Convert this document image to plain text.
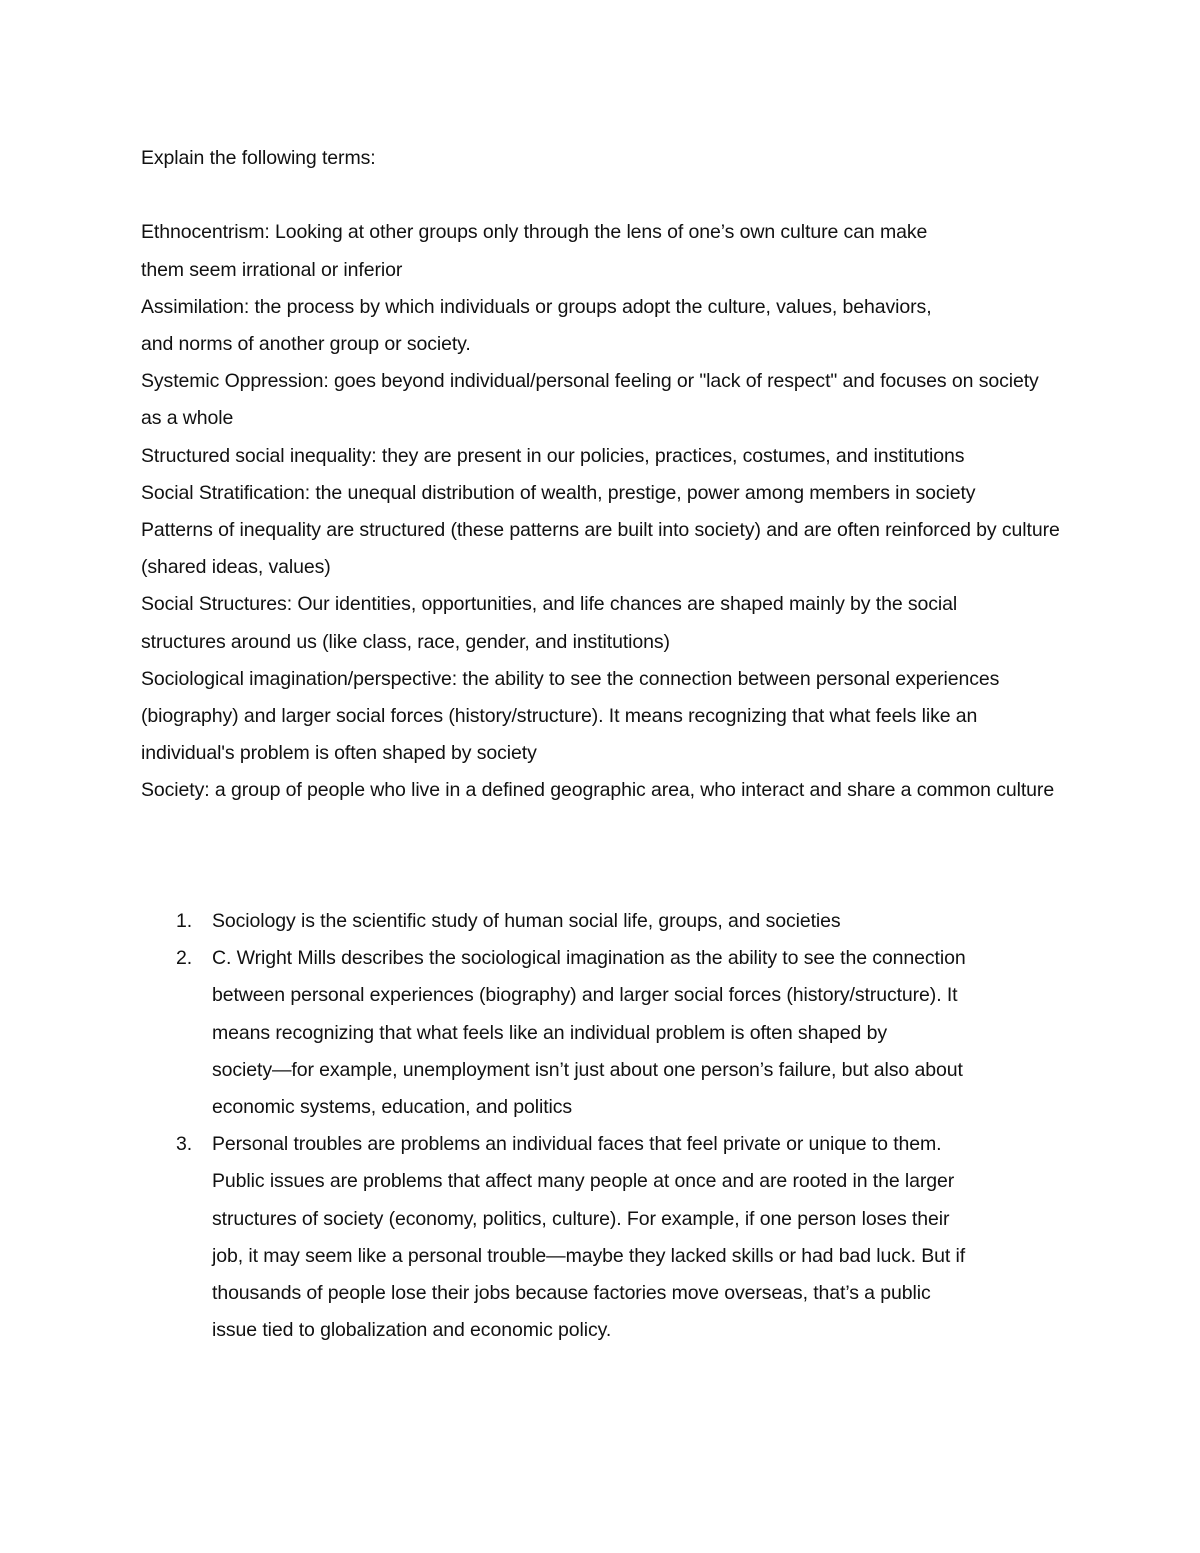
Explain the following terms:
Ethnocentrism: Looking at other groups only through the lens of one’s own culture can make
them seem irrational or inferior
Assimilation: the process by which individuals or groups adopt the culture, values, behaviors,
and norms of another group or society.
Systemic Oppression: goes beyond individual/personal feeling or "lack of respect" and focuses on society
as a whole
Structured social inequality: they are present in our policies, practices, costumes, and institutions
Social Stratification: the unequal distribution of wealth, prestige, power among members in society
Patterns of inequality are structured (these patterns are built into society) and are often reinforced by culture
(shared ideas, values)
Social Structures: Our identities, opportunities, and life chances are shaped mainly by the social
structures around us (like class, race, gender, and institutions)
Sociological imagination/perspective: the ability to see the connection between personal experiences
(biography) and larger social forces (history/structure). It means recognizing that what feels like an
individual's problem is often shaped by society
Society: a group of people who live in a defined geographic area, who interact and share a common culture
1. Sociology is the scientific study of human social life, groups, and societies
2. C. Wright Mills describes the sociological imagination as the ability to see the connection
between personal experiences (biography) and larger social forces (history/structure). It
means recognizing that what feels like an individual problem is often shaped by
society—for example, unemployment isn’t just about one person’s failure, but also about
economic systems, education, and politics
3. Personal troubles are problems an individual faces that feel private or unique to them.
Public issues are problems that affect many people at once and are rooted in the larger
structures of society (economy, politics, culture). For example, if one person loses their
job, it may seem like a personal trouble—maybe they lacked skills or had bad luck. But if
thousands of people lose their jobs because factories move overseas, that’s a public
issue tied to globalization and economic policy.
